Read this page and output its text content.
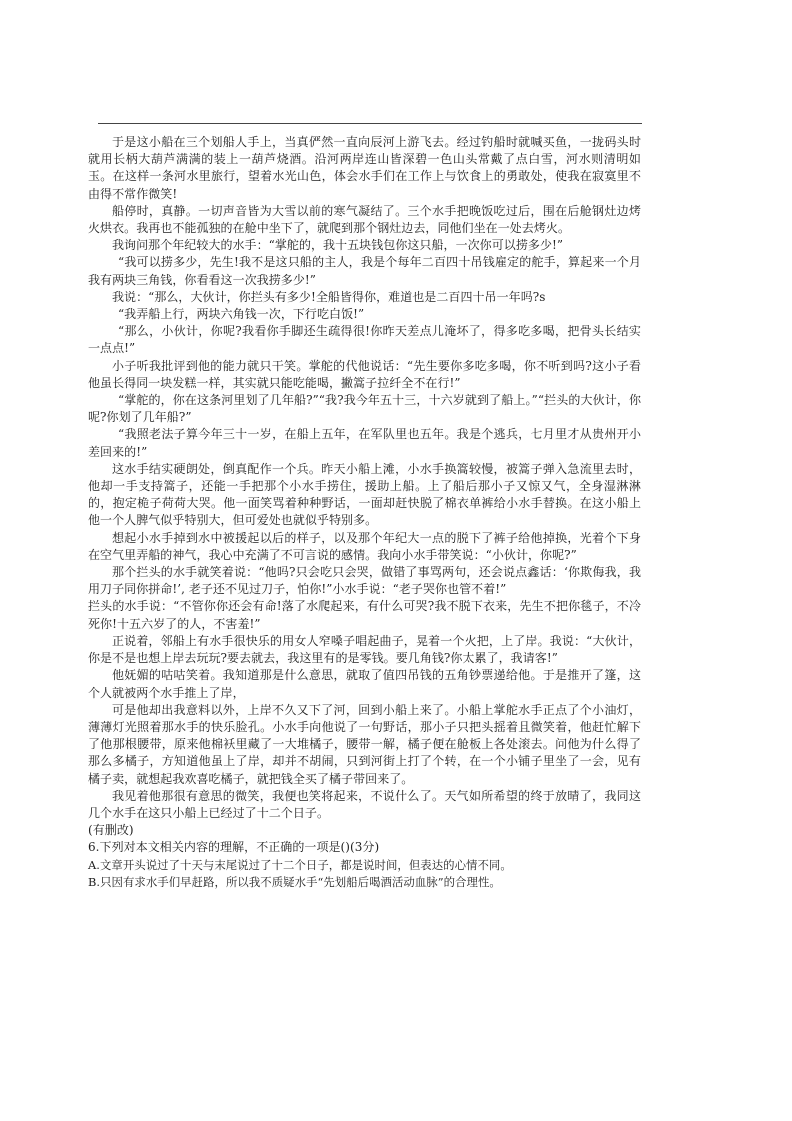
于是这小船在三个划船人手上，当真俨然一直向辰河上游飞去。经过钓船时就喊买鱼，一拢码头时就用长柄大葫芦满满的装上一葫芦烧酒。沿河两岸连山皆深碧一色山头常戴了点白雪，河水则清明如玉。在这样一条河水里旅行，望着水光山色，体会水手们在工作上与饮食上的勇敢处，使我在寂寞里不由得不常作微笑!

船停时，真静。一切声音皆为大雪以前的寒气凝结了。三个水手把晚饭吃过后，围在后舱钢灶边烤火烘衣。我再也不能孤独的在舱中坐下了，就爬到那个钢灶边去，同他们坐在一处去烤火。

我询问那个年纪较大的水手：“掌舵的，我十五块钱包你这只船，一次你可以捞多少!”

“我可以捞多少，先生!我不是这只船的主人，我是个每年二百四十吊钱雇定的舵手，算起来一个月我有两块三角钱，你看看这一次我捞多少!”

我说：“那么，大伙计，你拦头有多少!全船皆得你，难道也是二百四十吊一年吗?s

“我弄船上行，两块六角钱一次，下行吃白饭!”

“那么，小伙计，你呢?我看你手脚还生疏得很!你昨天差点儿淹坏了，得多吃多喝，把骨头长结实一点点!”

小子听我批评到他的能力就只干笑。掌舵的代他说话：“先生要你多吃多喝，你不听到吗?这小子看他虽长得同一块发糕一样，其实就只能吃能喝，撇篙子拉纤全不在行!”

“掌舵的，你在这条河里划了几年船?”“我?我今年五十三，十六岁就到了船上。”“拦头的大伙计，你呢?你划了几年船?”

“我照老法子算今年三十一岁，在船上五年，在军队里也五年。我是个逃兵，七月里才从贵州开小差回来的!”

这水手结实硬朗处，倒真配作一个兵。昨天小船上滩，小水手换篙较慢，被篙子弹入急流里去时，他却一手支持篙子，还能一手把那个小水手捞住，援助上船。上了船后那小子又惊又气，全身湿淋淋的，抱定桅子荷荷大哭。他一面笑骂着种种野话，一面却赶快脱了棉衣单裤给小水手替换。在这小船上他一个人脾气似乎特别大，但可爱处也就似乎特别多。

想起小水手掉到水中被援起以后的样子，以及那个年纪大一点的脱下了裤子给他掉换，光着个下身在空气里弄船的神气，我心中充满了不可言说的感情。我向小水手带笑说：“小伙计，你呢?”

那个拦头的水手就笑着说：“他吗?只会吃只会哭，做错了事骂两句，还会说点鑫话：‘你欺侮我，我用刀子同你拼命!’, 老子还不见过刀子，怕你!”小水手说：“老子哭你也管不着!”

拦头的水手说：“不管你你还会有命!落了水爬起来，有什么可哭?我不脱下衣来，先生不把你毯子，不冷死你!十五六岁了的人，不害羞!”

正说着，邻船上有水手很快乐的用女人窄嗓子唱起曲子，晃着一个火把，上了岸。我说：“大伙计，你是不是也想上岸去玩玩?要去就去，我这里有的是零钱。要几角钱?你太累了，我请客!”

他妩媚的咕咕笑着。我知道那是什么意思，就取了值四吊钱的五角钞票递给他。于是推开了篷，这个人就被两个水手推上了岸，

可是他却出我意料以外，上岸不久又下了河，回到小船上来了。小船上掌舵水手正点了个小油灯，薄薄灯光照着那水手的快乐脸孔。小水手向他说了一句野话，那小子只把头摇着且微笑着，他赶忙解下了他那根腰带，原来他棉袄里藏了一大堆橘子，腰带一解，橘子便在舱板上各处滚去。问他为什么得了那么多橘子，方知道他虽上了岸，却并不胡闹，只到河街上打了个转，在一个小铺子里坐了一会，见有橘子卖，就想起我欢喜吃橘子，就把钱全买了橘子带回来了。

我见着他那很有意思的微笑，我便也笑将起来，不说什么了。天气如所希望的终于放晴了，我同这几个水手在这只小船上已经过了十二个日子。

(有删改)

6.下列对本文相关内容的理解，不正确的一项是()(3分)

A.文章开头说过了十天与末尾说过了十二个日子，都是说时间，但表达的心情不同。

B.只因有求水手们早赶路，所以我不质疑水手“先划船后喝酒活动血脉”的合理性。
